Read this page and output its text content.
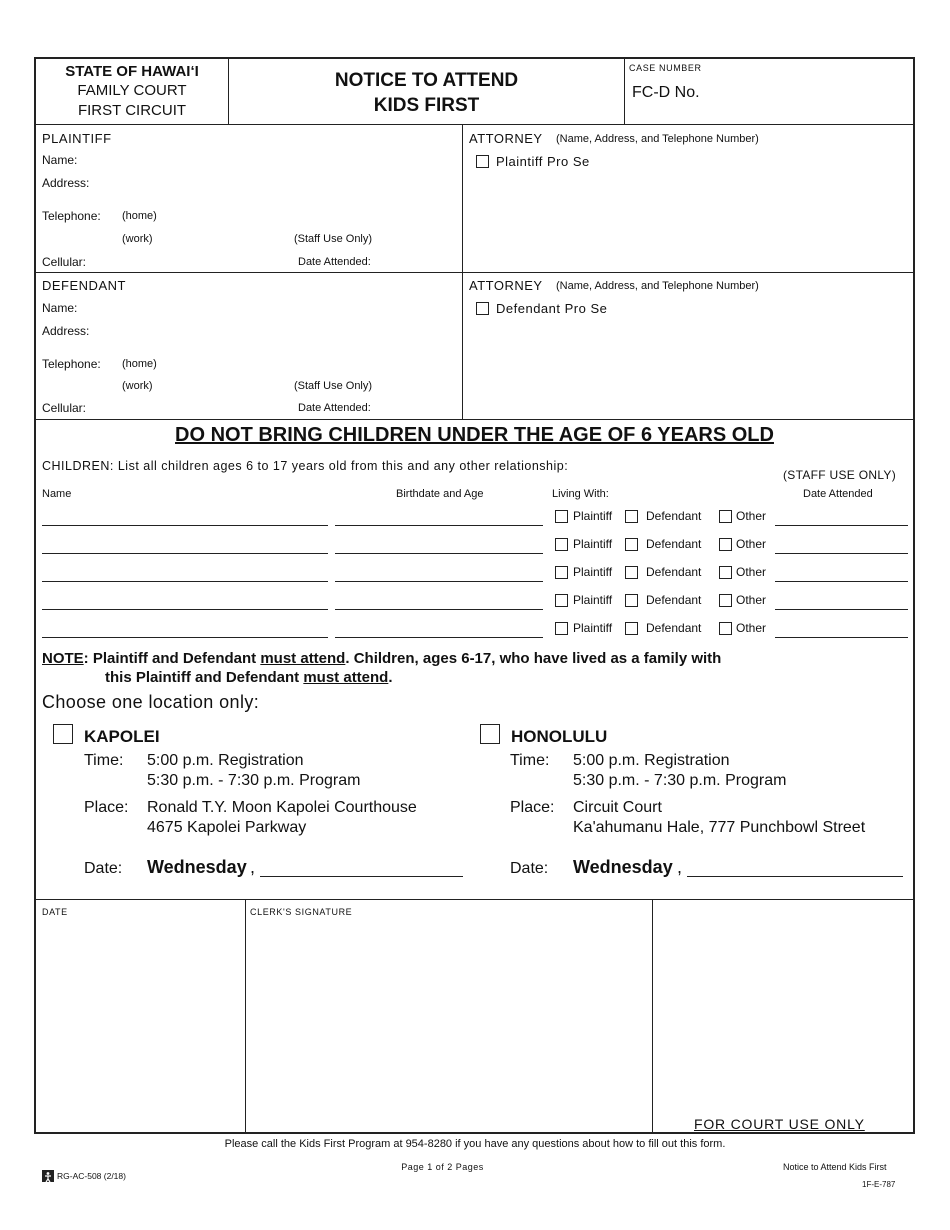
STATE OF HAWAI‘I
FAMILY COURT
FIRST CIRCUIT
NOTICE TO ATTEND
KIDS FIRST
CASE NUMBER
FC-D No.
PLAINTIFF
Name:
Address:
Telephone: (home)
(work)	(Staff Use Only)
Cellular:	Date Attended:
ATTORNEY (Name, Address, and Telephone Number)
Plaintiff Pro Se
DEFENDANT
Name:
Address:
Telephone: (home)
(work)	(Staff Use Only)
Cellular:	Date Attended:
ATTORNEY (Name, Address, and Telephone Number)
Defendant Pro Se
DO NOT BRING CHILDREN UNDER THE AGE OF 6 YEARS OLD
CHILDREN: List all children ages 6 to 17 years old from this and any other relationship:
(STAFF USE ONLY)
Name	Birthdate and Age	Living With:	Date Attended
Plaintiff	Defendant	Other
Plaintiff	Defendant	Other
Plaintiff	Defendant	Other
Plaintiff	Defendant	Other
Plaintiff	Defendant	Other
NOTE: Plaintiff and Defendant must attend. Children, ages 6-17, who have lived as a family with
this Plaintiff and Defendant must attend.
Choose one location only:
KAPOLEI
Time: 5:00 p.m. Registration
5:30 p.m. - 7:30 p.m. Program
Place: Ronald T.Y. Moon Kapolei Courthouse
4675 Kapolei Parkway
Date: Wednesday ,
HONOLULU
Time: 5:00 p.m. Registration
5:30 p.m. - 7:30 p.m. Program
Place: Circuit Court
Ka'ahumanu Hale, 777 Punchbowl Street
Date: Wednesday ,
DATE	CLERK'S SIGNATURE
FOR COURT USE ONLY
Please call the Kids First Program at 954-8280 if you have any questions about how to fill out this form.
RG-AC-508 (2/18)
Page 1 of 2 Pages	Notice to Attend Kids First
1F-E-787
